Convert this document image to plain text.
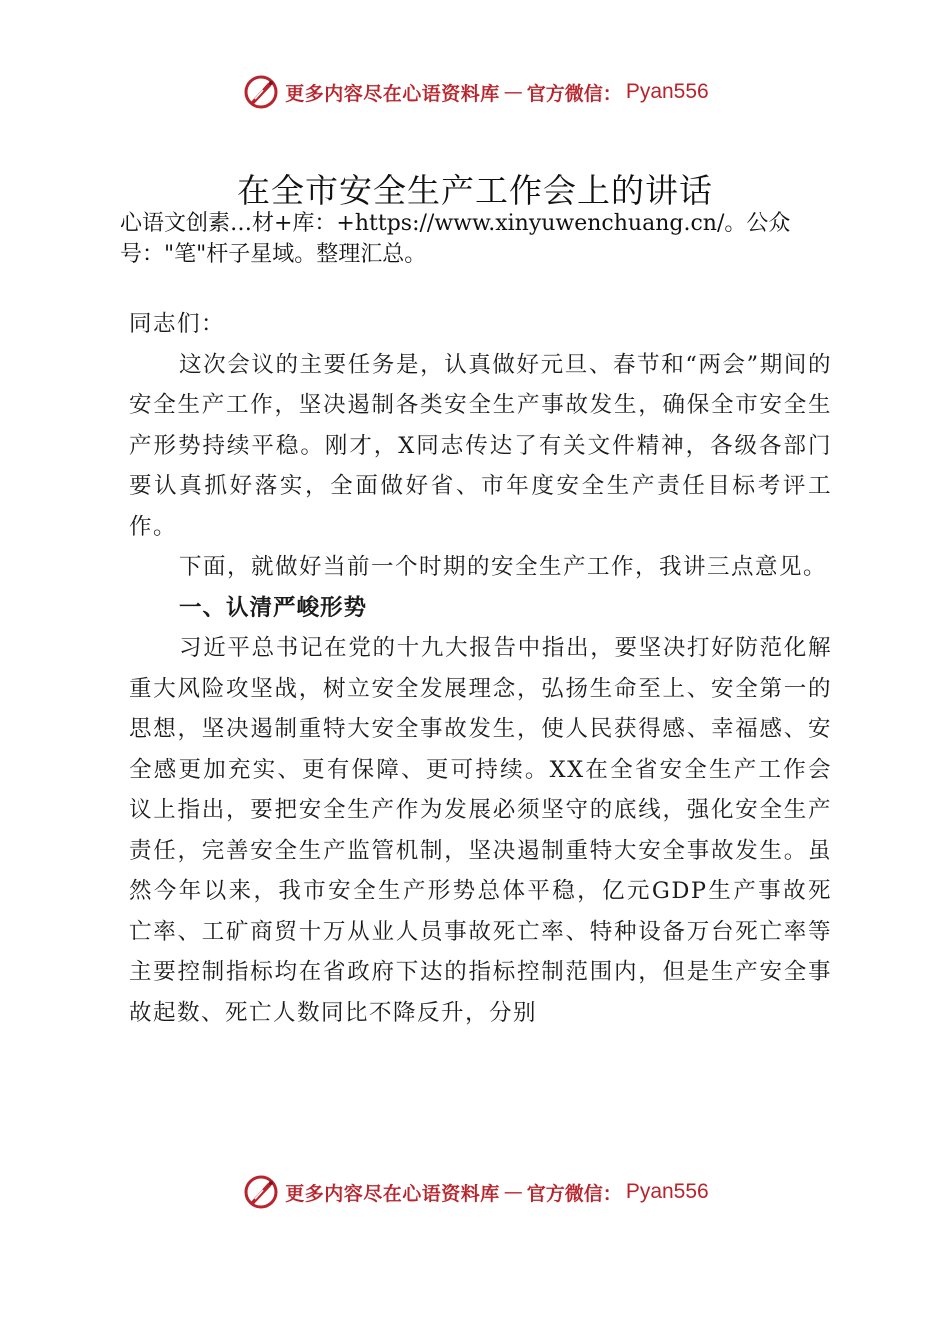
更多内容尽在心语资料库 — 官方微信： Pyan556
在全市安全生产工作会上的讲话

心语文创素…材+库：+https://www.xinyuwenchuang.cn/。公众号："笔"杆子星域。整理汇总。

同志们：

这次会议的主要任务是，认真做好元旦、春节和“两会”期间的安全生产工作，坚决遏制各类安全生产事故发生，确保全市安全生产形势持续平稳。刚才，X同志传达了有关文件精神，各级各部门要认真抓好落实，全面做好省、市年度安全生产责任目标考评工作。

下面，就做好当前一个时期的安全生产工作，我讲三点意见。

一、认清严峻形势

习近平总书记在党的十九大报告中指出，要坚决打好防范化解重大风险攻坚战，树立安全发展理念，弘扬生命至上、安全第一的思想，坚决遏制重特大安全事故发生，使人民获得感、幸福感、安全感更加充实、更有保障、更可持续。XX在全省安全生产工作会议上指出，要把安全生产作为发展必须坚守的底线，强化安全生产责任，完善安全生产监管机制，坚决遏制重特大安全事故发生。虽然今年以来，我市安全生产形势总体平稳，亿元GDP生产事故死亡率、工矿商贸十万从业人员事故死亡率、特种设备万台死亡率等主要控制指标均在省政府下达的指标控制范围内，但是生产安全事故起数、死亡人数同比不降反升，分别

更多内容尽在心语资料库 — 官方微信： Pyan556
